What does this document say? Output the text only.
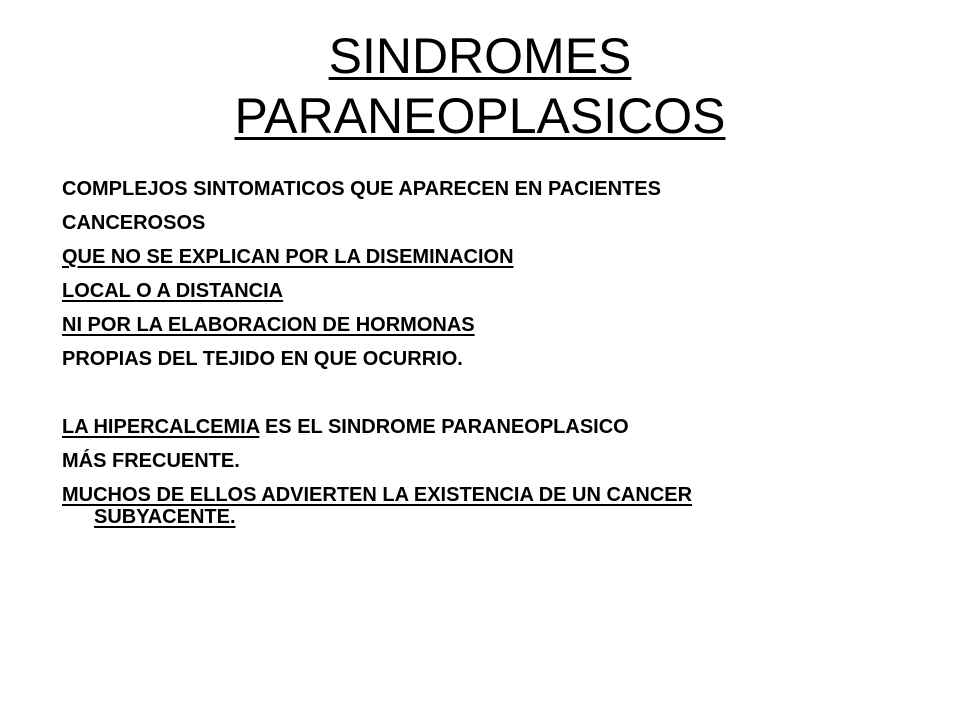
SINDROMES
PARANEOPLASICOS
COMPLEJOS SINTOMATICOS QUE APARECEN EN PACIENTES
CANCEROSOS
QUE NO SE EXPLICAN POR LA DISEMINACION
LOCAL O A DISTANCIA
NI POR LA ELABORACION DE HORMONAS
PROPIAS DEL TEJIDO EN QUE OCURRIO.
LA HIPERCALCEMIA ES EL SINDROME PARANEOPLASICO
MÁS FRECUENTE.
MUCHOS DE ELLOS ADVIERTEN LA EXISTENCIA DE UN CANCER
SUBYACENTE.
